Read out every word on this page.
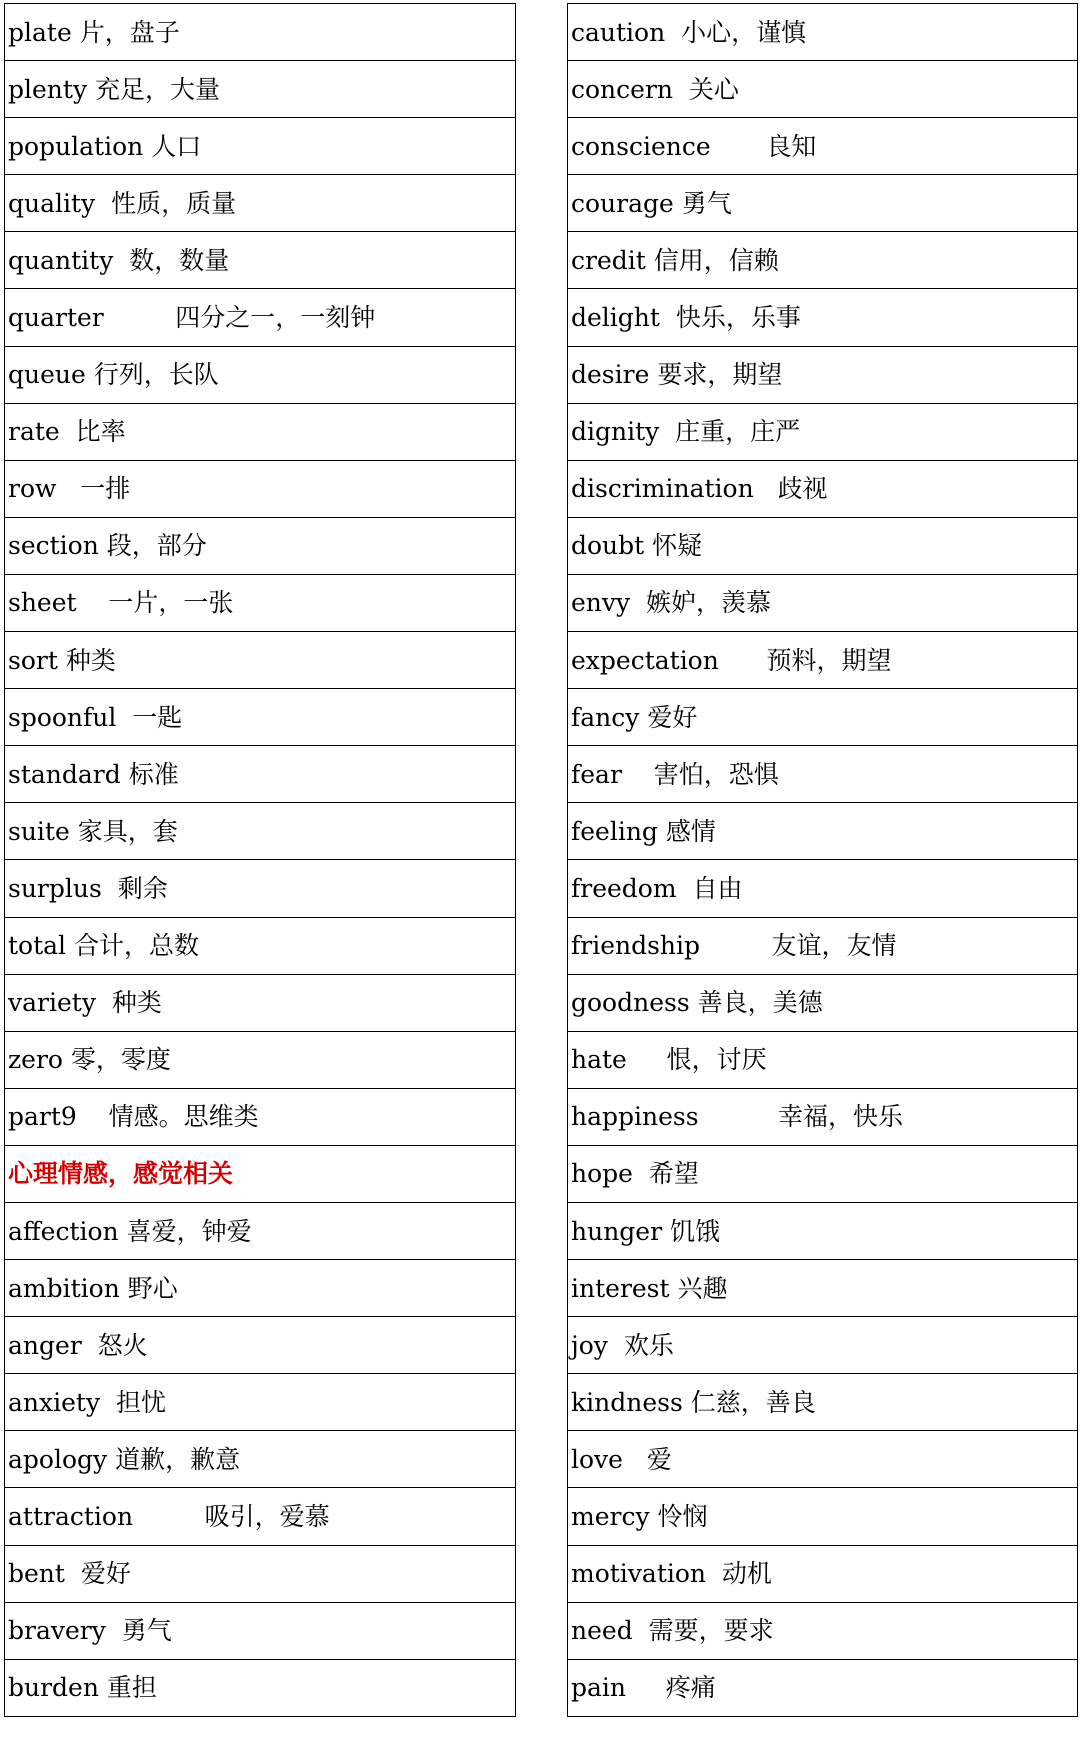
plate 片，盘子
plenty 充足，大量
population 人口
quality  性质，质量
quantity  数，数量
quarter         四分之一，一刻钟
queue 行列，长队
rate  比率
row   一排
section 段，部分
sheet    一片，一张
sort 种类
spoonful  一匙
standard 标准
suite 家具，套
surplus  剩余
total 合计，总数
variety  种类
zero 零，零度
part9    情感。思维类
心理情感，感觉相关
affection 喜爱，钟爱
ambition 野心
anger  怒火
anxiety  担忧
apology 道歉，歉意
attraction         吸引，爱慕
bent  爱好
bravery  勇气
burden 重担
caution  小心，谨慎
concern  关心
conscience       良知
courage 勇气
credit 信用，信赖
delight  快乐，乐事
desire 要求，期望
dignity  庄重，庄严
discrimination   歧视
doubt 怀疑
envy  嫉妒，羡慕
expectation      预料，期望
fancy 爱好
fear    害怕，恐惧
feeling 感情
freedom  自由
friendship         友谊，友情
goodness 善良，美德
hate     恨，讨厌
happiness          幸福，快乐
hope  希望
hunger 饥饿
interest 兴趣
joy  欢乐
kindness 仁慈，善良
love   爱
mercy 怜悯
motivation  动机
need  需要，要求
pain     疼痛
